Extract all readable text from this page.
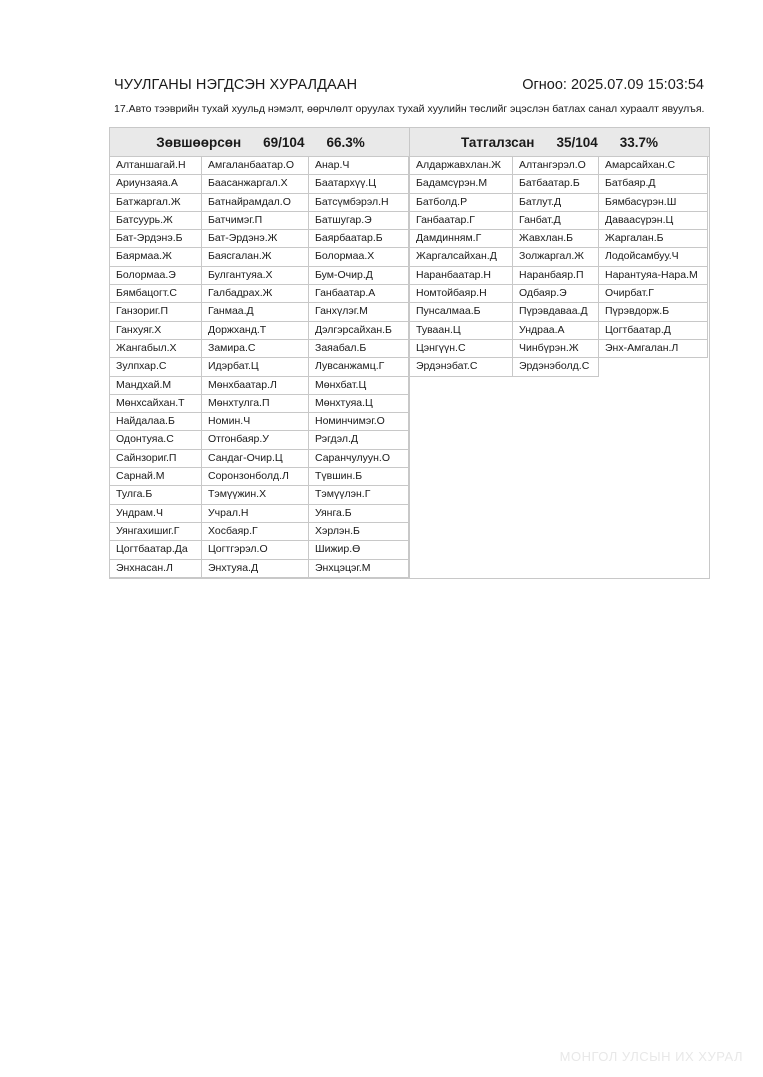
ЧУУЛГАНЫ НЭГДСЭН ХУРАЛДААН	Огноо: 2025.07.09 15:03:54
17.Авто тээврийн тухай хуульд нэмэлт, өөрчлөлт оруулах тухай хуулийн төслийг эцэслэн батлах санал хураалт явуулъя.
Зөвшөөрсөн 69/104 66.3%
Алтаншагай.Н	Амгаланбаатар.О	Анар.Ч
Ариунзаяа.А	Баасанжаргал.Х	Баатархүү.Ц
Батжаргал.Ж	Батнайрамдал.О	Батсүмбэрэл.Н
Батсуурь.Ж	Батчимэг.П	Батшугар.Э
Бат-Эрдэнэ.Б	Бат-Эрдэнэ.Ж	Баярбаатар.Б
Баярмаа.Ж	Баясгалан.Ж	Болормаа.Х
Болормаа.Э	Булгантуяа.Х	Бум-Очир.Д
Бямбацогт.С	Галбадрах.Ж	Ганбаатар.А
Ганзориг.П	Ганмаа.Д	Ганхүлэг.М
Ганхуяг.Х	Доржханд.Т	Дэлгэрсайхан.Б
Жангабыл.Х	Замира.С	Заяабал.Б
Зулпхар.С	Идэрбат.Ц	Лувсанжамц.Г
Мандхай.М	Мөнхбаатар.Л	Мөнхбат.Ц
Мөнхсайхан.Т	Мөнхтулга.П	Мөнхтуяа.Ц
Найдалаа.Б	Номин.Ч	Номинчимэг.О
Одонтуяа.С	Отгонбаяр.У	Рэгдэл.Д
Сайнзориг.П	Сандаг-Очир.Ц	Саранчулуун.О
Сарнай.М	Соронзонболд.Л	Түвшин.Б
Тулга.Б	Тэмүүжин.Х	Тэмүүлэн.Г
Ундрам.Ч	Учрал.Н	Уянга.Б
Уянгахишиг.Г	Хосбаяр.Г	Хэрлэн.Б
Цогтбаатар.Да	Цогтгэрэл.О	Шижир.Ө
Энхнасан.Л	Энхтуяа.Д	Энхцэцэг.М
Татгалзсан 35/104 33.7%
Алдаржавхлан.Ж	Алтангэрэл.О	Амарсайхан.С
Бадамсүрэн.М	Батбаатар.Б	Батбаяр.Д
Батболд.Р	Батлут.Д	Бямбасүрэн.Ш
Ганбаатар.Г	Ганбат.Д	Даваасүрэн.Ц
Дамдинням.Г	Жавхлан.Б	Жаргалан.Б
Жаргалсайхан.Д	Золжаргал.Ж	Лодойсамбуу.Ч
Наранбаатар.Н	Наранбаяр.П	Нарантуяа-Нара.М
Номтойбаяр.Н	Одбаяр.Э	Очирбат.Г
Пунсалмаа.Б	Пүрэвдаваа.Д	Пүрэвдорж.Б
Туваан.Ц	Ундраа.А	Цогтбаатар.Д
Цэнгүүн.С	Чинбүрэн.Ж	Энх-Амгалан.Л
Эрдэнэбат.С	Эрдэнэболд.С
МОНГОЛ УЛСЫН ИХ ХУРАЛ
